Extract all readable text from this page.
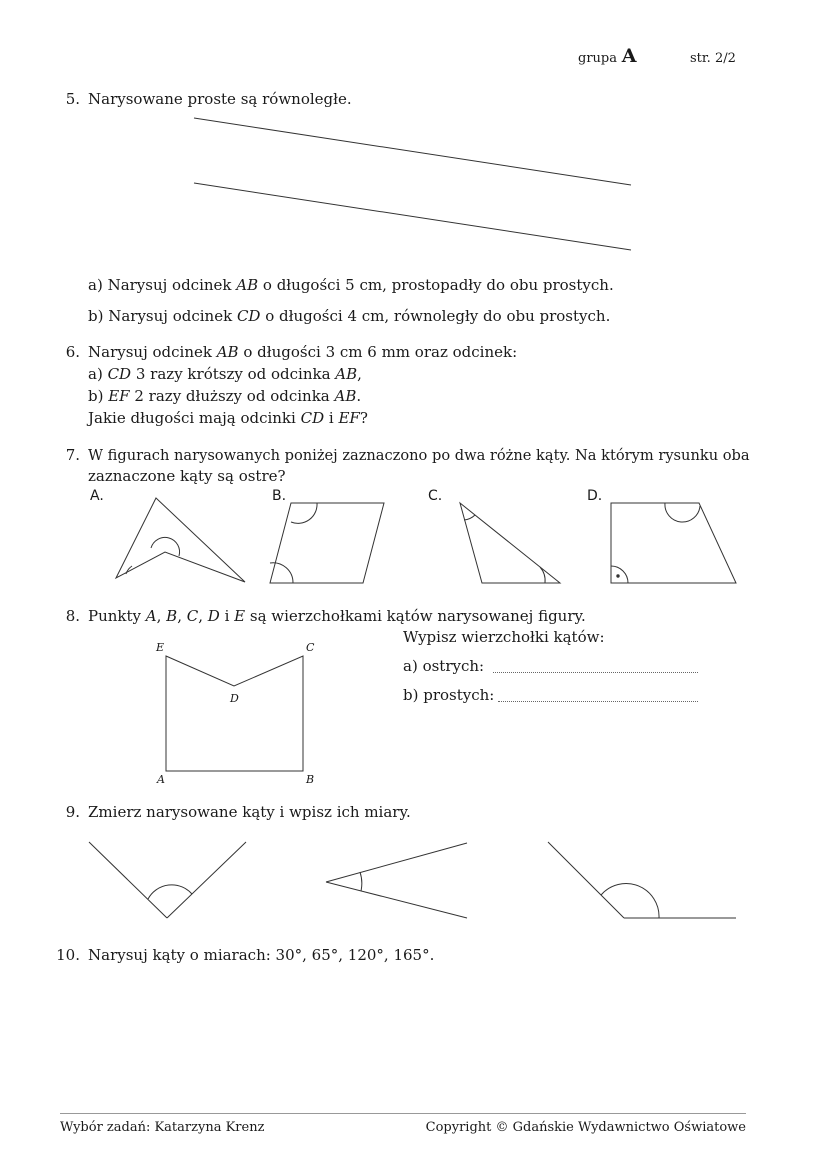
grupa A	str. 2/2
5. Narysowane proste są równoległe.
a) Narysuj odcinek AB o długości 5 cm, prostopadły do obu prostych.
b) Narysuj odcinek CD o długości 4 cm, równoległy do obu prostych.
6. Narysuj odcinek AB o długości 3 cm 6 mm oraz odcinek:
a) CD 3 razy krótszy od odcinka AB,
b) EF 2 razy dłuższy od odcinka AB.
Jakie długości mają odcinki CD i EF?
7. W figurach narysowanych poniżej zaznaczono po dwa różne kąty. Na którym rysunku oba
zaznaczone kąty są ostre?
A.	B.	C.	D.
8. Punkty A, B, C, D i E są wierzchołkami kątów narysowanej figury.
Wypisz wierzchołki kątów:
a) ostrych:
b) prostych:
E	C
D
A	B
9. Zmierz narysowane kąty i wpisz ich miary.
10. Narysuj kąty o miarach: 30°, 65°, 120°, 165°.
Wybór zadań: Katarzyna Krenz	Copyright © Gdańskie Wydawnictwo Oświatowe
